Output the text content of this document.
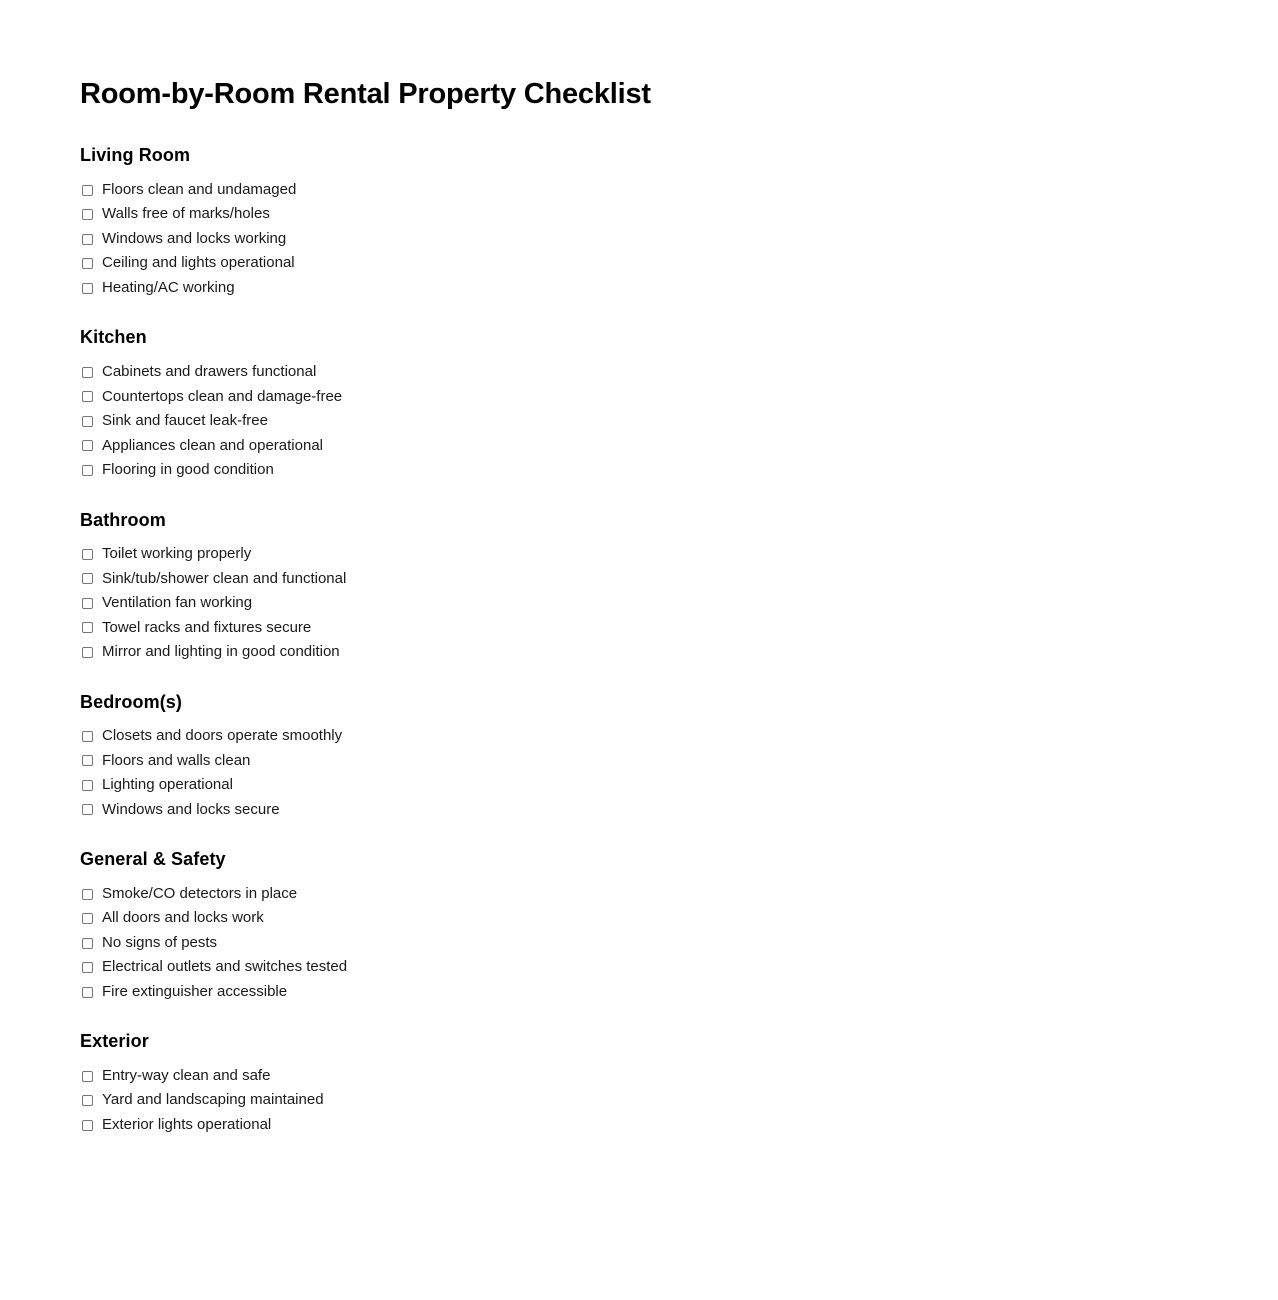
Room-by-Room Rental Property Checklist
Living Room
Floors clean and undamaged
Walls free of marks/holes
Windows and locks working
Ceiling and lights operational
Heating/AC working
Kitchen
Cabinets and drawers functional
Countertops clean and damage-free
Sink and faucet leak-free
Appliances clean and operational
Flooring in good condition
Bathroom
Toilet working properly
Sink/tub/shower clean and functional
Ventilation fan working
Towel racks and fixtures secure
Mirror and lighting in good condition
Bedroom(s)
Closets and doors operate smoothly
Floors and walls clean
Lighting operational
Windows and locks secure
General & Safety
Smoke/CO detectors in place
All doors and locks work
No signs of pests
Electrical outlets and switches tested
Fire extinguisher accessible
Exterior
Entry-way clean and safe
Yard and landscaping maintained
Exterior lights operational
